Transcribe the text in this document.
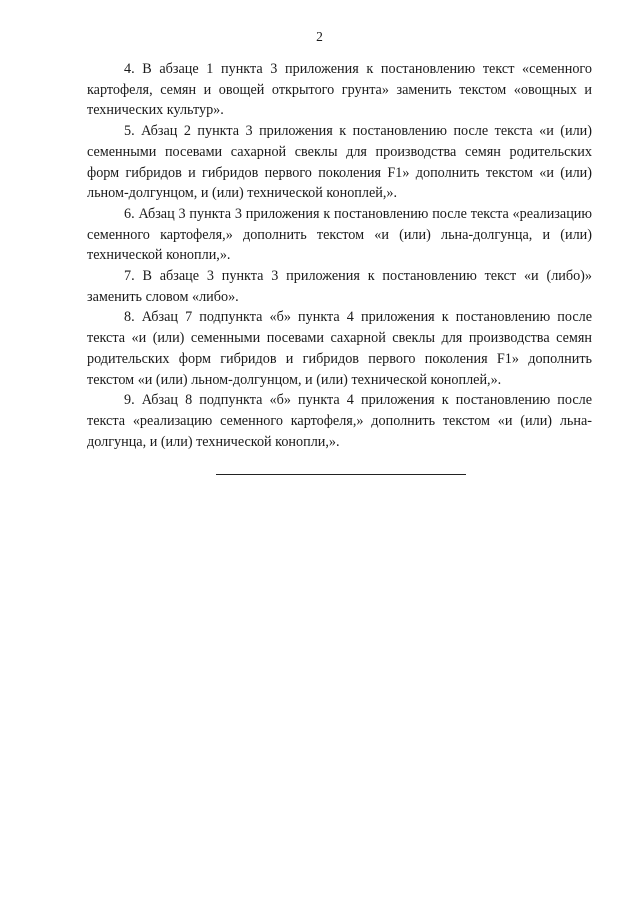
2

4. В абзаце 1 пункта 3 приложения к постановлению текст «семенного картофеля, семян и овощей открытого грунта» заменить текстом «овощных и технических культур».

5. Абзац 2 пункта 3 приложения к постановлению после текста «и (или) семенными посевами сахарной свеклы для производства семян родительских форм гибридов и гибридов первого поколения F1» дополнить текстом «и (или) льном-долгунцом, и (или) технической коноплей,».

6. Абзац 3 пункта 3 приложения к постановлению после текста «реализацию семенного картофеля,» дополнить текстом «и (или) льна-долгунца, и (или) технической конопли,».

7. В абзаце 3 пункта 3 приложения к постановлению текст «и (либо)» заменить словом «либо».

8. Абзац 7 подпункта «б» пункта 4 приложения к постановлению после текста «и (или) семенными посевами сахарной свеклы для производства семян родительских форм гибридов и гибридов первого поколения F1» дополнить текстом «и (или) льном-долгунцом, и (или) технической коноплей,».

9. Абзац 8 подпункта «б» пункта 4 приложения к постановлению после текста «реализацию семенного картофеля,» дополнить текстом «и (или) льна-долгунца, и (или) технической конопли,».
